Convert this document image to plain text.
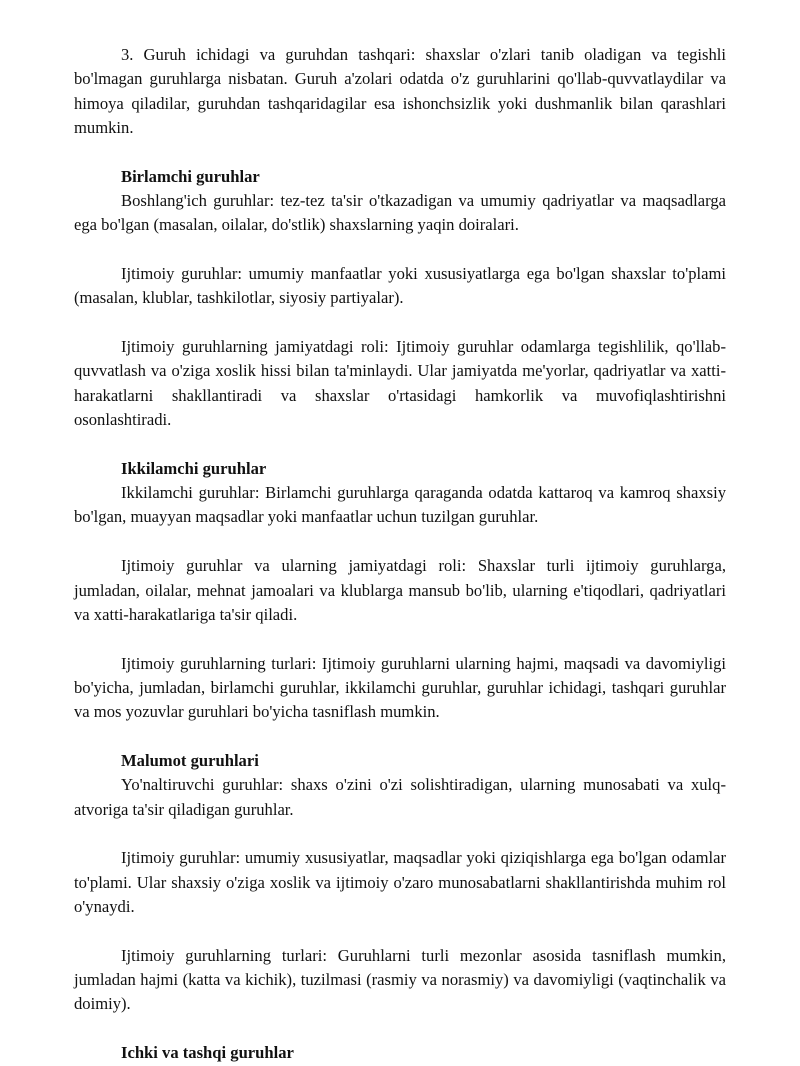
3. Guruh ichidagi va guruhdan tashqari: shaxslar o'zlari tanib oladigan va tegishli bo'lmagan guruhlarga nisbatan. Guruh a'zolari odatda o'z guruhlarini qo'llab-quvvatlaydilar va himoya qiladilar, guruhdan tashqaridagilar esa ishonchsizlik yoki dushmanlik bilan qarashlari mumkin.

Birlamchi guruhlar

Boshlang'ich guruhlar: tez-tez ta'sir o'tkazadigan va umumiy qadriyatlar va maqsadlarga ega bo'lgan (masalan, oilalar, do'stlik) shaxslarning yaqin doiralari.

Ijtimoiy guruhlar: umumiy manfaatlar yoki xususiyatlarga ega bo'lgan shaxslar to'plami (masalan, klublar, tashkilotlar, siyosiy partiyalar).

Ijtimoiy guruhlarning jamiyatdagi roli: Ijtimoiy guruhlar odamlarga tegishlilik, qo'llab-quvvatlash va o'ziga xoslik hissi bilan ta'minlaydi. Ular jamiyatda me'yorlar, qadriyatlar va xatti-harakatlarni shakllantiradi va shaxslar o'rtasidagi hamkorlik va muvofiqlashtirishni osonlashtiradi.

Ikkilamchi guruhlar

Ikkilamchi guruhlar: Birlamchi guruhlarga qaraganda odatda kattaroq va kamroq shaxsiy bo'lgan, muayyan maqsadlar yoki manfaatlar uchun tuzilgan guruhlar.

Ijtimoiy guruhlar va ularning jamiyatdagi roli: Shaxslar turli ijtimoiy guruhlarga, jumladan, oilalar, mehnat jamoalari va klublarga mansub bo'lib, ularning e'tiqodlari, qadriyatlari va xatti-harakatlariga ta'sir qiladi.

Ijtimoiy guruhlarning turlari: Ijtimoiy guruhlarni ularning hajmi, maqsadi va davomiyligi bo'yicha, jumladan, birlamchi guruhlar, ikkilamchi guruhlar, guruhlar ichidagi, tashqari guruhlar va mos yozuvlar guruhlari bo'yicha tasniflash mumkin.

Malumot guruhlari

Yo'naltiruvchi guruhlar: shaxs o'zini o'zi solishtiradigan, ularning munosabati va xulq-atvoriga ta'sir qiladigan guruhlar.

Ijtimoiy guruhlar: umumiy xususiyatlar, maqsadlar yoki qiziqishlarga ega bo'lgan odamlar to'plami. Ular shaxsiy o'ziga xoslik va ijtimoiy o'zaro munosabatlarni shakllantirishda muhim rol o'ynaydi.

Ijtimoiy guruhlarning turlari: Guruhlarni turli mezonlar asosida tasniflash mumkin, jumladan hajmi (katta va kichik), tuzilmasi (rasmiy va norasmiy) va davomiyligi (vaqtinchalik va doimiy).

Ichki va tashqi guruhlar
